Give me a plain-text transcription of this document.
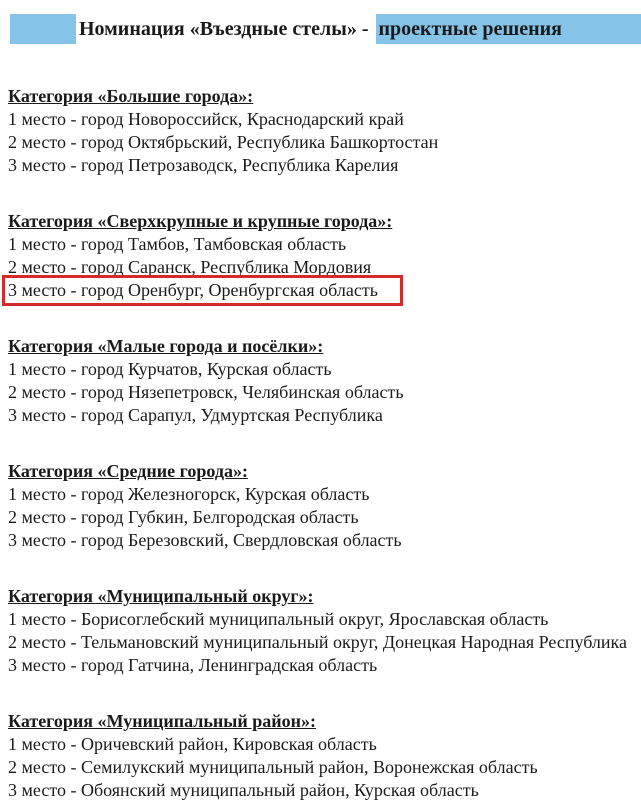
Номинация «Въездные стелы» - проектные решения
Категория «Большие города»:
1 место - город Новороссийск, Краснодарский край
2 место - город Октябрьский, Республика Башкортостан
3 место - город Петрозаводск, Республика Карелия
Категория «Сверхкрупные и крупные города»:
1 место - город Тамбов, Тамбовская область
2 место - город Саранск, Республика Мордовия
3 место - город Оренбург, Оренбургская область
Категория «Малые города и посёлки»:
1 место - город Курчатов, Курская область
2 место - город Нязепетровск, Челябинская область
3 место - город Сарапул, Удмуртская Республика
Категория «Средние города»:
1 место - город Железногорск, Курская область
2 место - город Губкин, Белгородская область
3 место - город Березовский, Свердловская область
Категория «Муниципальный округ»:
1 место - Борисоглебский муниципальный округ, Ярославская область
2 место - Тельмановский муниципальный округ, Донецкая Народная Республика
3 место - город Гатчина, Ленинградская область
Категория «Муниципальный район»:
1 место - Оричевский район, Кировская область
2 место - Семилукский муниципальный район, Воронежская область
3 место - Обоянский муниципальный район, Курская область
